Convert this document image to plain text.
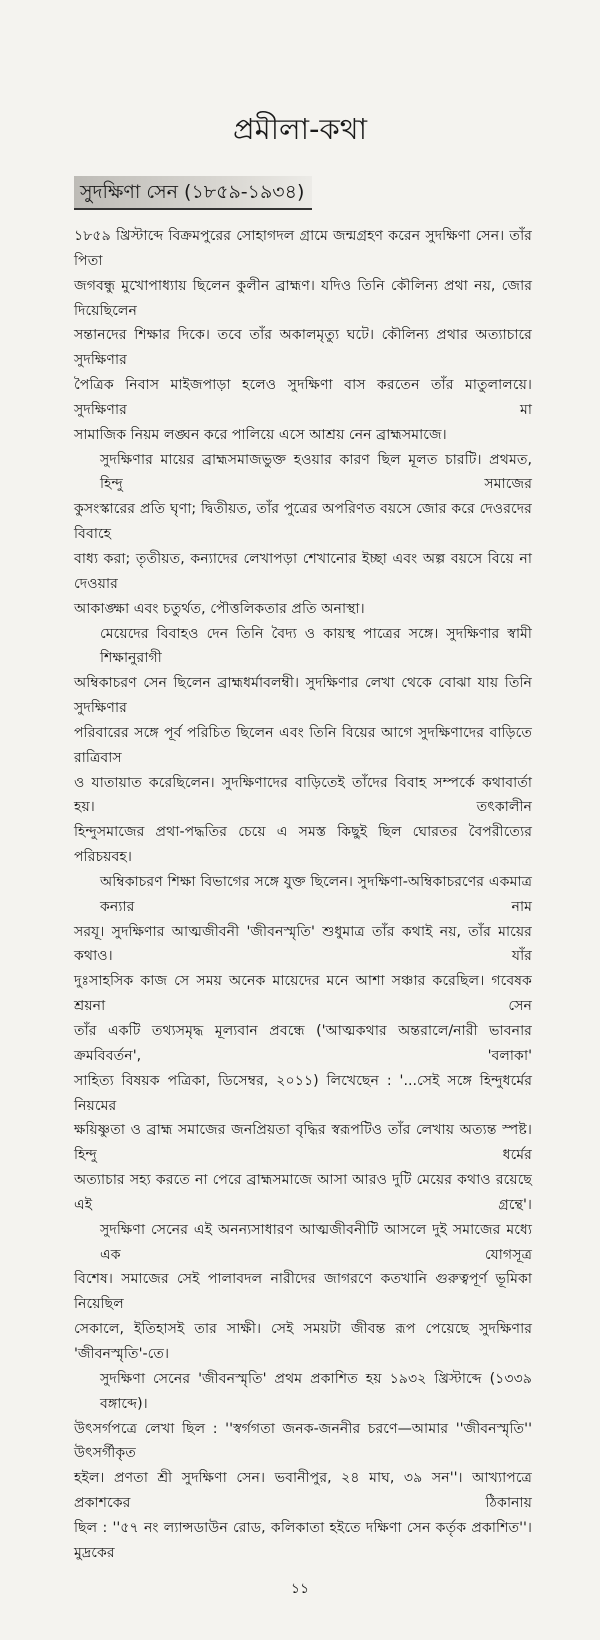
প্রমীলা-কথা
সুদক্ষিণা সেন (১৮৫৯-১৯৩৪)
১৮৫৯ খ্রিস্টাব্দে বিক্রমপুরের সোহাগদল গ্রামে জন্মগ্রহণ করেন সুদক্ষিণা সেন। তাঁর পিতা
জগবন্ধু মুখোপাধ্যায় ছিলেন কুলীন ব্রাহ্মণ। যদিও তিনি কৌলিন্য প্রথা নয়, জোর দিয়েছিলেন
সন্তানদের শিক্ষার দিকে। তবে তাঁর অকালমৃত্যু ঘটে। কৌলিন্য প্রথার অত্যাচারে সুদক্ষিণার
পৈত্রিক নিবাস মাইজপাড়া হলেও সুদক্ষিণা বাস করতেন তাঁর মাতুলালয়ে। সুদক্ষিণার মা
সামাজিক নিয়ম লঙ্ঘন করে পালিয়ে এসে আশ্রয় নেন ব্রাহ্মসমাজে।
সুদক্ষিণার মায়ের ব্রাহ্মসমাজভুক্ত হওয়ার কারণ ছিল মূলত চারটি। প্রথমত, হিন্দু সমাজের
কুসংস্কারের প্রতি ঘৃণা; দ্বিতীয়ত, তাঁর পুত্রের অপরিণত বয়সে জোর করে দেওরদের বিবাহে
বাধ্য করা; তৃতীয়ত, কন্যাদের লেখাপড়া শেখানোর ইচ্ছা এবং অল্প বয়সে বিয়ে না দেওয়ার
আকাঙ্ক্ষা এবং চতুর্থত, পৌত্তলিকতার প্রতি অনাস্থা।
মেয়েদের বিবাহও দেন তিনি বৈদ্য ও কায়স্থ পাত্রের সঙ্গে। সুদক্ষিণার স্বামী শিক্ষানুরাগী
অম্বিকাচরণ সেন ছিলেন ব্রাহ্মধর্মাবলম্বী। সুদক্ষিণার লেখা থেকে বোঝা যায় তিনি সুদক্ষিণার
পরিবারের সঙ্গে পূর্ব পরিচিত ছিলেন এবং তিনি বিয়ের আগে সুদক্ষিণাদের বাড়িতে রাত্রিবাস
ও যাতায়াত করেছিলেন। সুদক্ষিণাদের বাড়িতেই তাঁদের বিবাহ সম্পর্কে কথাবার্তা হয়। তৎকালীন
হিন্দুসমাজের প্রথা-পদ্ধতির চেয়ে এ সমস্ত কিছুই ছিল ঘোরতর বৈপরীত্যের পরিচয়বহ।
অম্বিকাচরণ শিক্ষা বিভাগের সঙ্গে যুক্ত ছিলেন। সুদক্ষিণা-অম্বিকাচরণের একমাত্র কন্যার নাম
সরযূ। সুদক্ষিণার আত্মজীবনী 'জীবনস্মৃতি' শুধুমাত্র তাঁর কথাই নয়, তাঁর মায়ের কথাও। যাঁর
দুঃসাহসিক কাজ সে সময় অনেক মায়েদের মনে আশা সঞ্চার করেছিল। গবেষক শ্রয়না সেন
তাঁর একটি তথ্যসমৃদ্ধ মূল্যবান প্রবন্ধে ('আত্মকথার অন্তরালে/নারী ভাবনার ক্রমবিবর্তন', 'বলাকা'
সাহিত্য বিষয়ক পত্রিকা, ডিসেম্বর, ২০১১) লিখেছেন : '...সেই সঙ্গে হিন্দুধর্মের নিয়মের
ক্ষয়িষ্ণুতা ও ব্রাহ্ম সমাজের জনপ্রিয়তা বৃদ্ধির স্বরূপটিও তাঁর লেখায় অত্যন্ত স্পষ্ট। হিন্দু ধর্মের
অত্যাচার সহ্য করতে না পেরে ব্রাহ্মসমাজে আসা আরও দুটি মেয়ের কথাও রয়েছে এই গ্রন্থে'।
সুদক্ষিণা সেনের এই অনন্যসাধারণ আত্মজীবনীটি আসলে দুই সমাজের মধ্যে এক যোগসূত্র
বিশেষ। সমাজের সেই পালাবদল নারীদের জাগরণে কতখানি গুরুত্বপূর্ণ ভূমিকা নিয়েছিল
সেকালে, ইতিহাসই তার সাক্ষী। সেই সময়টা জীবন্ত রূপ পেয়েছে সুদক্ষিণার 'জীবনস্মৃতি'-তে।
সুদক্ষিণা সেনের 'জীবনস্মৃতি' প্রথম প্রকাশিত হয় ১৯৩২ খ্রিস্টাব্দে (১৩৩৯ বঙ্গাব্দে)।
উৎসর্গপত্রে লেখা ছিল : ''স্বর্গগতা জনক-জননীর চরণে—আমার ''জীবনস্মৃতি'' উৎসর্গীকৃত
হইল। প্রণতা শ্রী সুদক্ষিণা সেন। ভবানীপুর, ২৪ মাঘ, ৩৯ সন''। আখ্যাপত্রে প্রকাশকের ঠিকানায়
ছিল : ''৫৭ নং ল্যান্সডাউন রোড, কলিকাতা হইতে দক্ষিণা সেন কর্তৃক প্রকাশিত''। মুদ্রকের
১১
